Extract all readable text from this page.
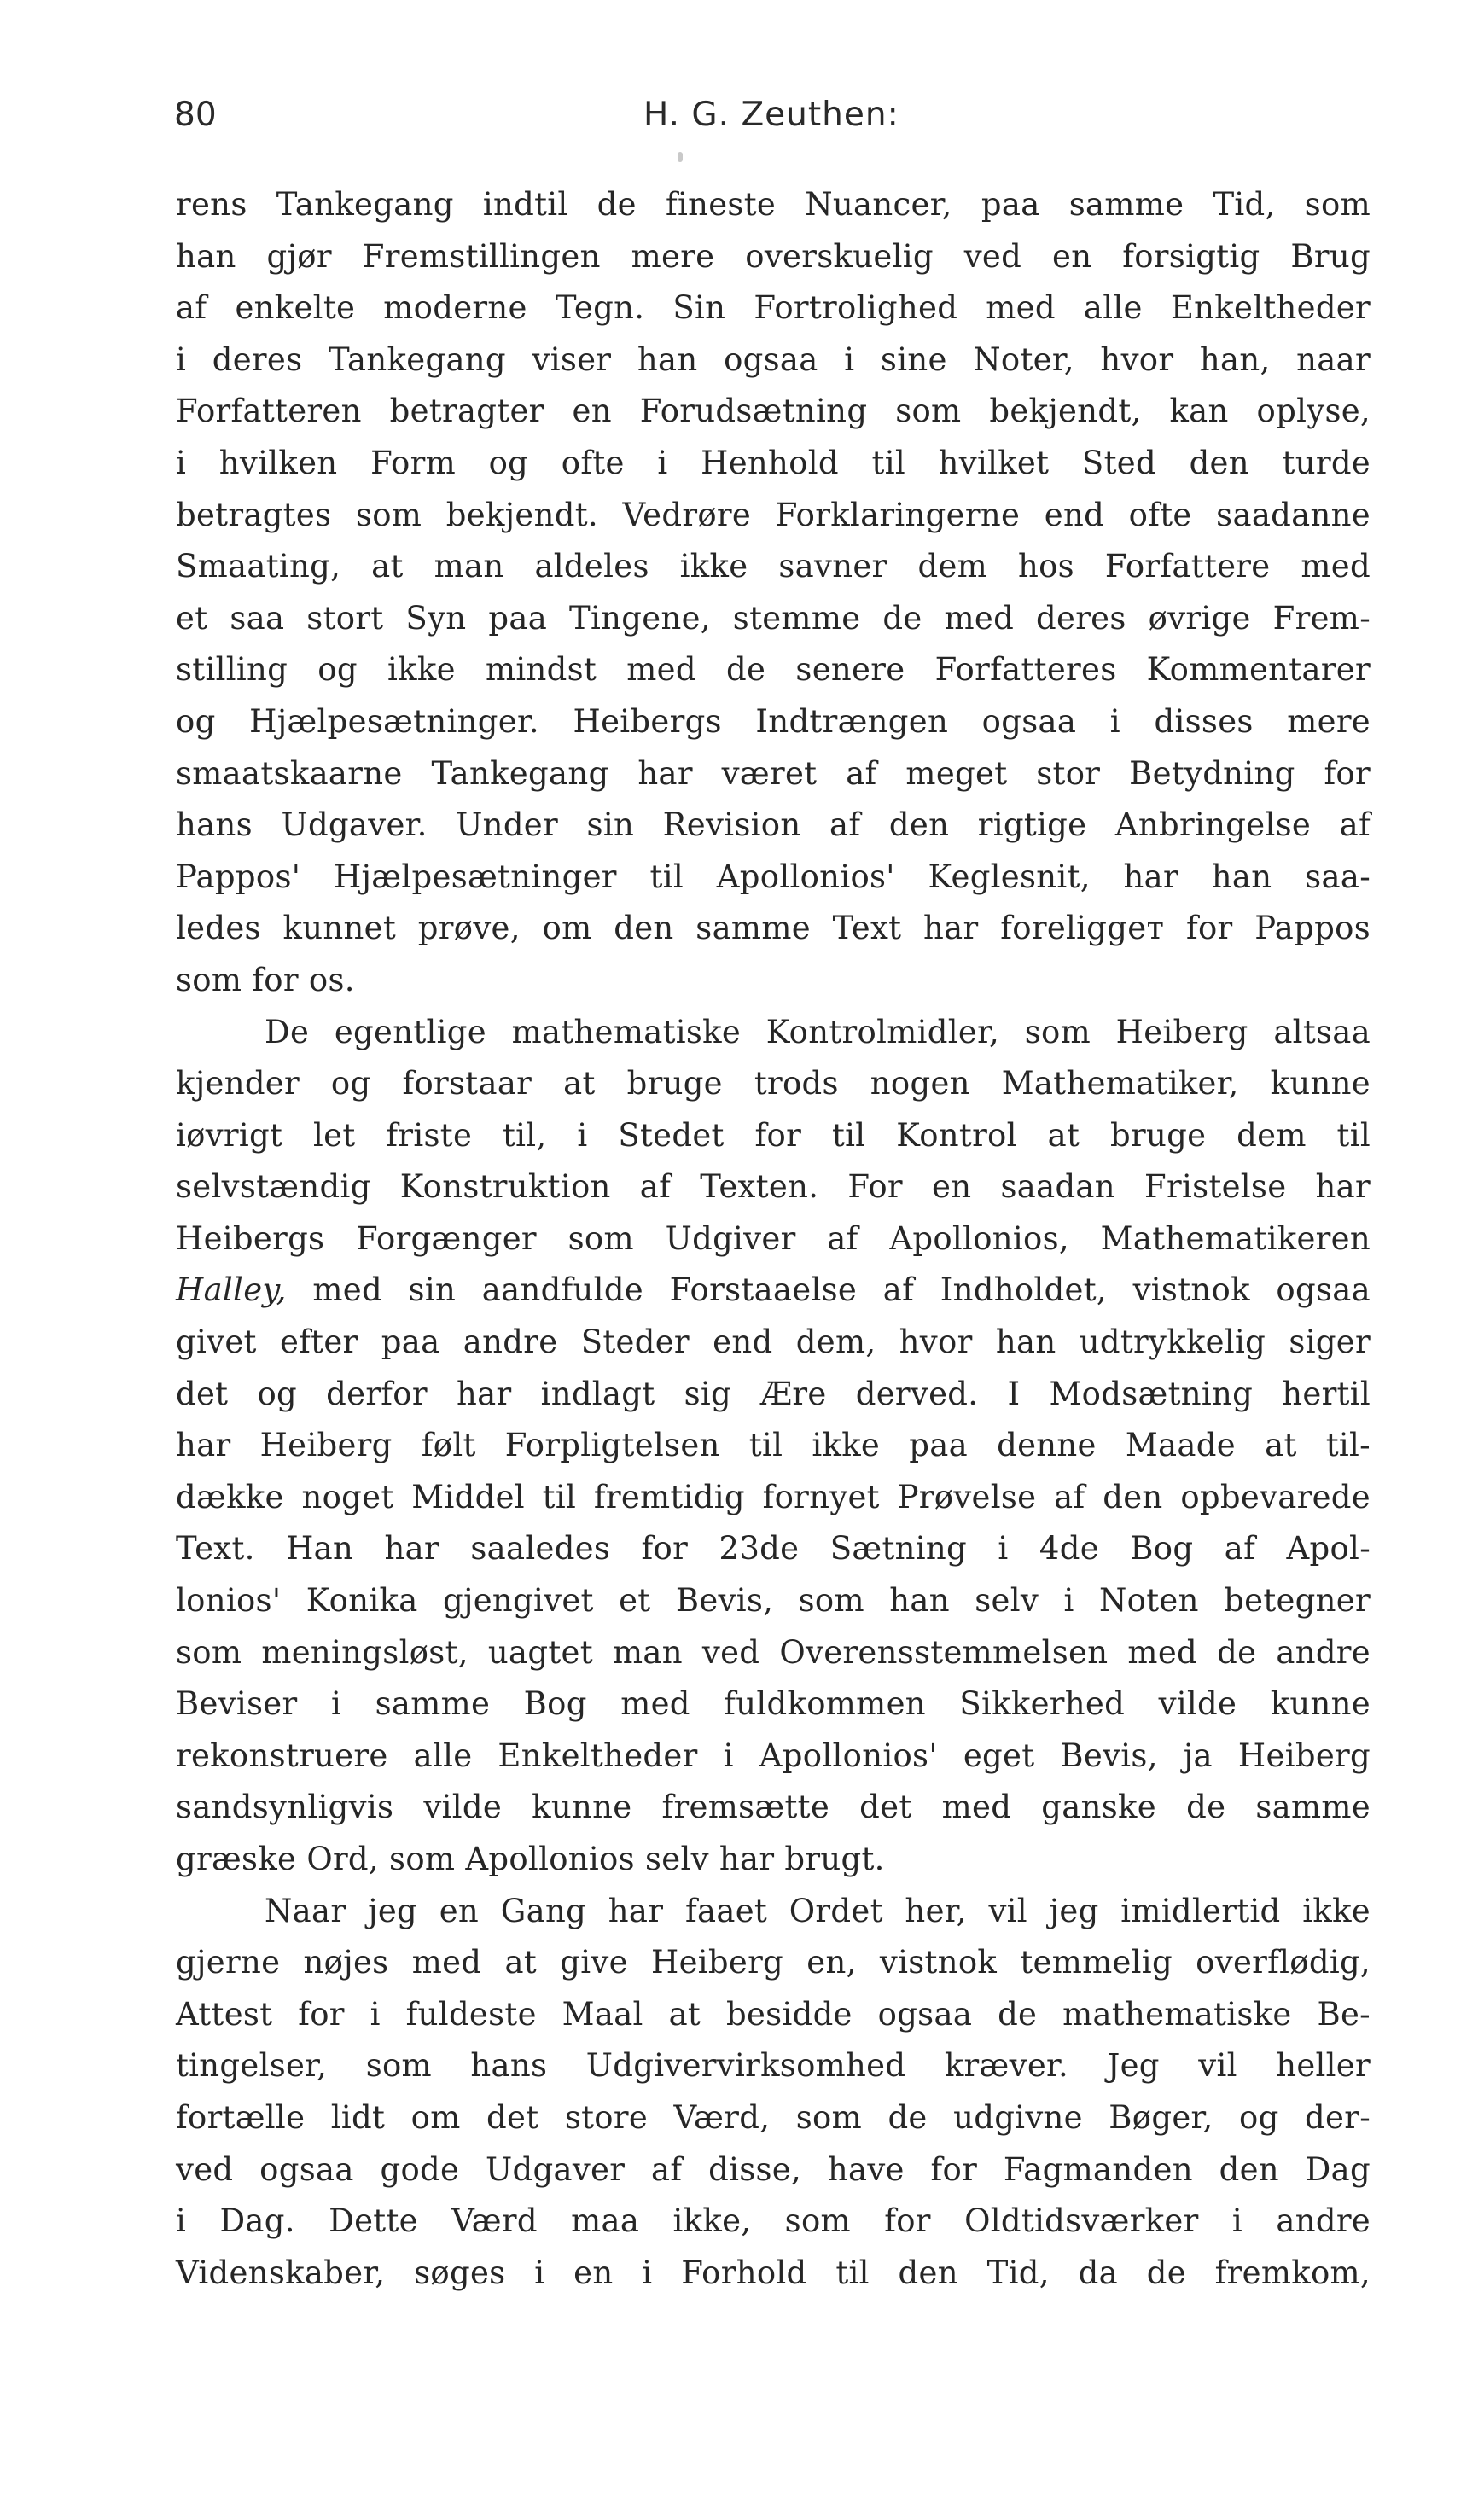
80	H. G. Zeuthen:
rens Tankegang indtil de fineste Nuancer, paa samme Tid, som
han gjør Fremstillingen mere overskuelig ved en forsigtig Brug
af enkelte moderne Tegn. Sin Fortrolighed med alle Enkeltheder
i deres Tankegang viser han ogsaa i sine Noter, hvor han, naar
Forfatteren betragter en Forudsætning som bekjendt, kan oplyse,
i hvilken Form og ofte i Henhold til hvilket Sted den turde
betragtes som bekjendt. Vedrøre Forklaringerne end ofte saadanne
Smaating, at man aldeles ikke savner dem hos Forfattere med
et saa stort Syn paa Tingene, stemme de med deres øvrige Frem-
stilling og ikke mindst med de senere Forfatteres Kommentarer
og Hjælpesætninger. Heibergs Indtrængen ogsaa i disses mere
smaatskaarne Tankegang har været af meget stor Betydning for
hans Udgaver. Under sin Revision af den rigtige Anbringelse af
Pappos' Hjælpesætninger til Apollonios' Keglesnit, har han saa-
ledes kunnet prøve, om den samme Text har foreliggeт for Pappos
som for os.
De egentlige mathematiske Kontrolmidler, som Heiberg altsaa
kjender og forstaar at bruge trods nogen Mathematiker, kunne
iøvrigt let friste til, i Stedet for til Kontrol at bruge dem til
selvstændig Konstruktion af Texten. For en saadan Fristelse har
Heibergs Forgænger som Udgiver af Apollonios, Mathematikeren
Halley, med sin aandfulde Forstaaelse af Indholdet, vistnok ogsaa
givet efter paa andre Steder end dem, hvor han udtrykkelig siger
det og derfor har indlagt sig Ære derved. I Modsætning hertil
har Heiberg følt Forpligtelsen til ikke paa denne Maade at til-
dække noget Middel til fremtidig fornyet Prøvelse af den opbevarede
Text. Han har saaledes for 23de Sætning i 4de Bog af Apol-
lonios' Konika gjengivet et Bevis, som han selv i Noten betegner
som meningsløst, uagtet man ved Overensstemmelsen med de andre
Beviser i samme Bog med fuldkommen Sikkerhed vilde kunne
rekonstruere alle Enkeltheder i Apollonios' eget Bevis, ja Heiberg
sandsynligvis vilde kunne fremsætte det med ganske de samme
græske Ord, som Apollonios selv har brugt.
Naar jeg en Gang har faaet Ordet her, vil jeg imidlertid ikke
gjerne nøjes med at give Heiberg en, vistnok temmelig overflødig,
Attest for i fuldeste Maal at besidde ogsaa de mathematiske Be-
tingelser, som hans Udgivervirksomhed kræver. Jeg vil heller
fortælle lidt om det store Værd, som de udgivne Bøger, og der-
ved ogsaa gode Udgaver af disse, have for Fagmanden den Dag
i Dag. Dette Værd maa ikke, som for Oldtidsværker i andre
Videnskaber, søges i en i Forhold til den Tid, da de fremkom,
